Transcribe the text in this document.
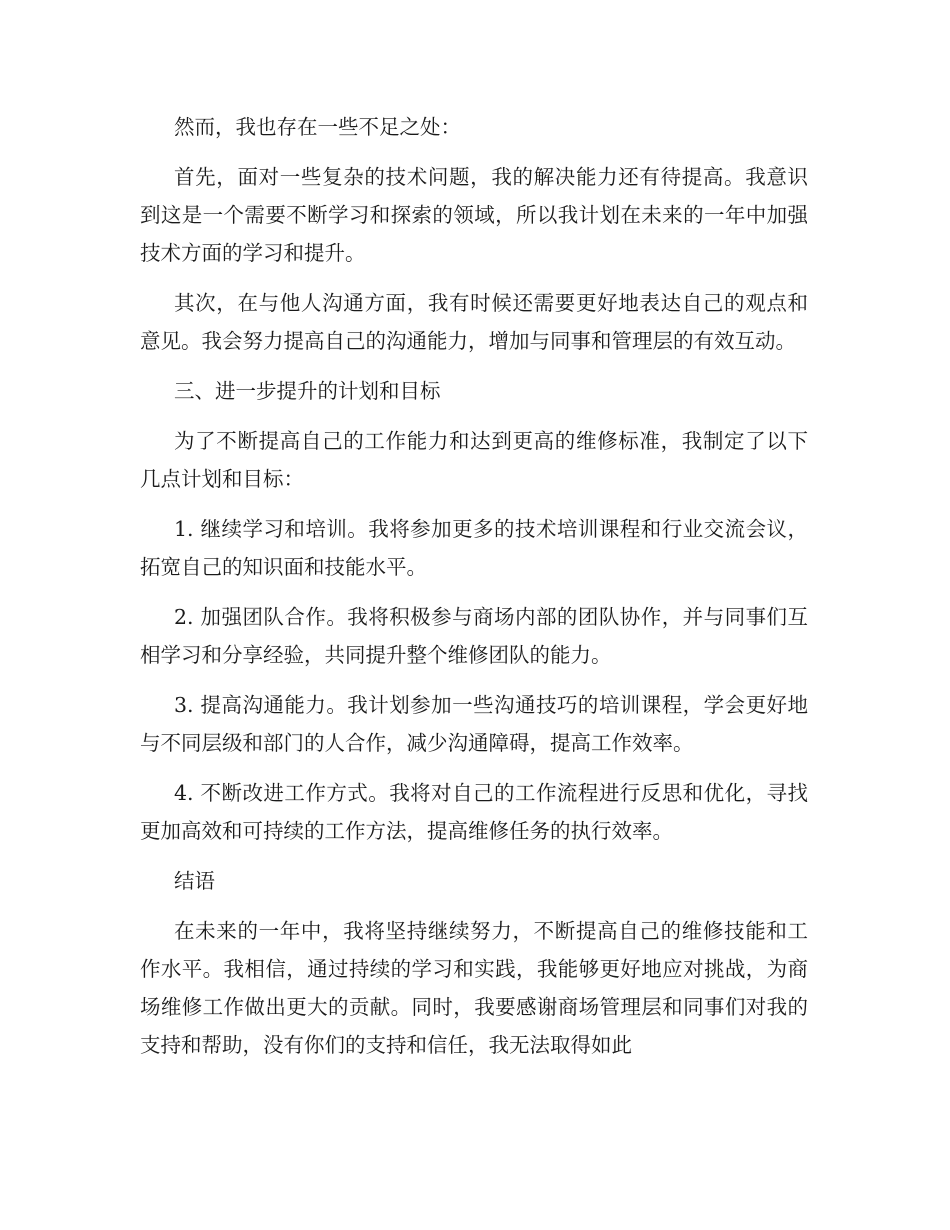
然而，我也存在一些不足之处：

首先，面对一些复杂的技术问题，我的解决能力还有待提高。我意识到这是一个需要不断学习和探索的领域，所以我计划在未来的一年中加强技术方面的学习和提升。

其次，在与他人沟通方面，我有时候还需要更好地表达自己的观点和意见。我会努力提高自己的沟通能力，增加与同事和管理层的有效互动。

三、进一步提升的计划和目标

为了不断提高自己的工作能力和达到更高的维修标准，我制定了以下几点计划和目标：

1. 继续学习和培训。我将参加更多的技术培训课程和行业交流会议，拓宽自己的知识面和技能水平。

2. 加强团队合作。我将积极参与商场内部的团队协作，并与同事们互相学习和分享经验，共同提升整个维修团队的能力。

3. 提高沟通能力。我计划参加一些沟通技巧的培训课程，学会更好地与不同层级和部门的人合作，减少沟通障碍，提高工作效率。

4. 不断改进工作方式。我将对自己的工作流程进行反思和优化，寻找更加高效和可持续的工作方法，提高维修任务的执行效率。

结语

在未来的一年中，我将坚持继续努力，不断提高自己的维修技能和工作水平。我相信，通过持续的学习和实践，我能够更好地应对挑战，为商场维修工作做出更大的贡献。同时，我要感谢商场管理层和同事们对我的支持和帮助，没有你们的支持和信任，我无法取得如此
